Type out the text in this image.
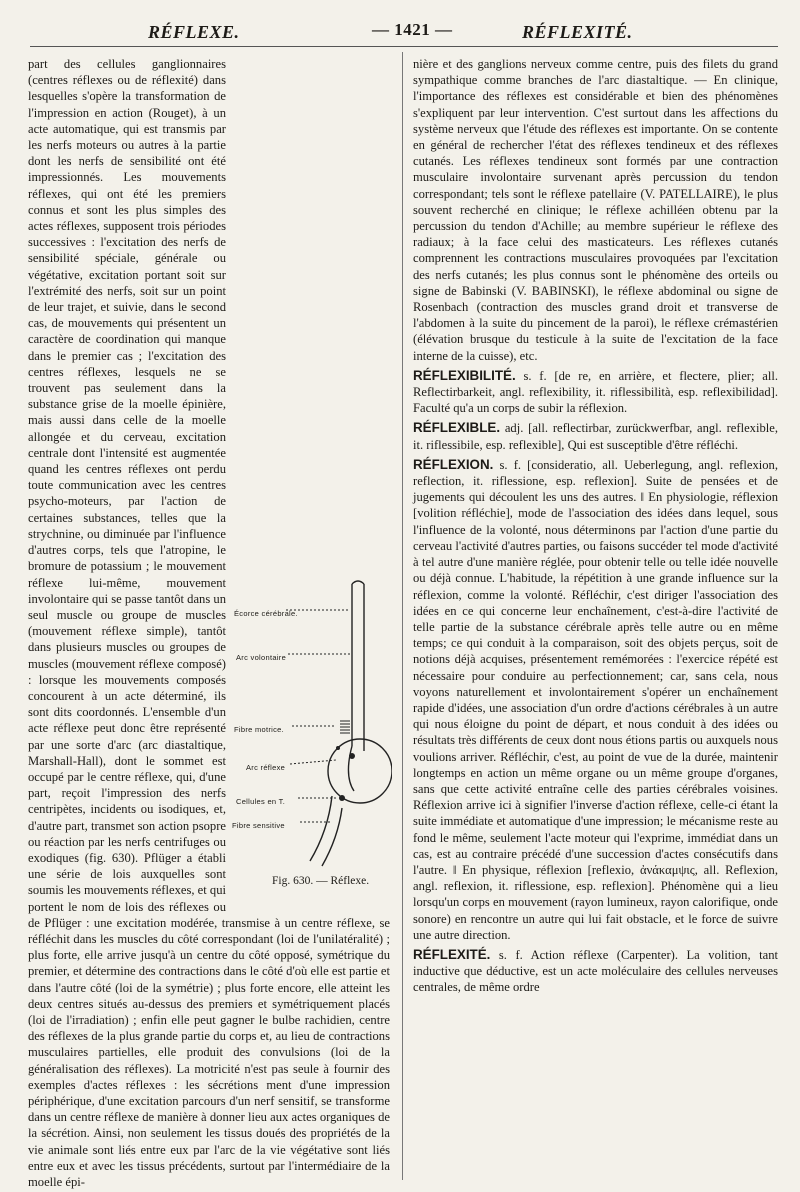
RÉFLEXE.	— 1421 —	RÉFLEXITÉ.
Écorce cérébrale.
Arc volontaire
Fibre motrice.
Arc réflexe
Cellules en T.
Fibre sensitive
Fig. 630. — Réflexe.

part des cellules ganglionnaires (centres réflexes ou de réflexité) dans lesquelles s'opère la transformation de l'impression en action (Rouget), à un acte automatique, qui est transmis par les nerfs moteurs ou autres à la partie dont les nerfs de sensibilité ont été impressionnés. Les mouvements réflexes, qui ont été les premiers connus et sont les plus simples des actes réflexes, supposent trois périodes successives : l'excitation des nerfs de sensibilité spéciale, générale ou végétative, excitation portant soit sur l'extrémité des nerfs, soit sur un point de leur trajet, et suivie, dans le second cas, de mouvements qui présentent un caractère de coordination qui manque dans le premier cas ; l'excitation des centres réflexes, lesquels ne se trouvent pas seulement dans la substance grise de la moelle épinière, mais aussi dans celle de la moelle allongée et du cerveau, excitation centrale dont l'intensité est augmentée quand les centres réflexes ont perdu toute communication avec les centres psycho-moteurs, par l'action de certaines substances, telles que la strychnine, ou diminuée par l'influence d'autres corps, tels que l'atropine, le bromure de potassium ; le mouvement réflexe lui-même, mouvement involontaire qui se passe tantôt dans un seul muscle ou groupe de muscles (mouvement réflexe simple), tantôt dans plusieurs muscles ou groupes de muscles (mouvement réflexe composé) : lorsque les mouvements composés concourent à un acte déterminé, ils sont dits coordonnés. L'ensemble d'un acte réflexe peut donc être représenté par une sorte d'arc (arc diastaltique, Marshall-Hall), dont le sommet est occupé par le centre réflexe, qui, d'une part, reçoit l'impression des nerfs centripètes, incidents ou isodiques, et, d'autre part, transmet son action psopre ou réaction par les nerfs centrifuges ou exodiques (fig. 630). Pflüger a établi une série de lois auxquelles sont soumis les mouvements réflexes, et qui portent le nom de lois des réflexes ou de Pflüger : une excitation modérée, transmise à un centre réflexe, se réfléchit dans les muscles du côté correspondant (loi de l'unilatéralité) ; plus forte, elle arrive jusqu'à un centre du côté opposé, symétrique du premier, et détermine des contractions dans le côté d'où elle est partie et dans l'autre côté (loi de la symétrie) ; plus forte encore, elle atteint les deux centres situés au-dessus des premiers et symétriquement placés (loi de l'irradiation) ; enfin elle peut gagner le bulbe rachidien, centre des réflexes de la plus grande partie du corps et, au lieu de contractions musculaires partielles, elle produit des convulsions (loi de la généralisation des réflexes). La motricité n'est pas seule à fournir des exemples d'actes réflexes : les sécrétions ment d'une impression périphérique, d'une excitation parcours d'un nerf sensitif, se transforme dans un centre réflexe de manière à donner lieu aux actes organiques de la sécrétion. Ainsi, non seulement les tissus doués des propriétés de la vie animale sont liés entre eux par l'arc de la vie végétative sont liés entre eux et avec les tissus précédents, surtout par l'intermédiaire de la moelle épi-

nière et des ganglions nerveux comme centre, puis des filets du grand sympathique comme branches de l'arc diastaltique. — En clinique, l'importance des réflexes est considérable et bien des phénomènes s'expliquent par leur intervention. C'est surtout dans les affections du système nerveux que l'étude des réflexes est importante. On se contente en général de rechercher l'état des réflexes tendineux et des réflexes cutanés. Les réflexes tendineux sont formés par une contraction musculaire involontaire survenant après percussion du tendon correspondant; tels sont le réflexe patellaire (V. PATELLAIRE), le plus souvent recherché en clinique; le réflexe achilléen obtenu par la percussion du tendon d'Achille; au membre supérieur le réflexe des radiaux; à la face celui des masticateurs. Les réflexes cutanés comprennent les contractions musculaires provoquées par l'excitation des nerfs cutanés; les plus connus sont le phénomène des orteils ou signe de Babinski (V. BABINSKI), le réflexe abdominal ou signe de Rosenbach (contraction des muscles grand droit et transverse de l'abdomen à la suite du pincement de la paroi), le réflexe crémastérien (élévation brusque du testicule à la suite de l'excitation de la face interne de la cuisse), etc.

RÉFLEXIBILITÉ. s. f. [de re, en arrière, et flectere, plier; all. Reflectirbarkeit, angl. reflexibility, it. riflessibilità, esp. reflexibilidad]. Faculté qu'a un corps de subir la réflexion.

RÉFLEXIBLE. adj. [all. reflectirbar, zurückwerfbar, angl. reflexible, it. riflessibile, esp. reflexible], Qui est susceptible d'être réfléchi.

RÉFLEXION. s. f. [consideratio, all. Ueberlegung, angl. reflexion, reflection, it. riflessione, esp. reflexion]. Suite de pensées et de jugements qui découlent les uns des autres. ‖ En physiologie, réflexion [volition réfléchie], mode de l'association des idées dans lequel, sous l'influence de la volonté, nous déterminons par l'action d'une partie du cerveau l'activité d'autres parties, ou faisons succéder tel mode d'activité à tel autre d'une manière réglée, pour obtenir telle ou telle idée nouvelle ou déjà connue. L'habitude, la répétition à une grande influence sur la réflexion, comme la volonté. Réfléchir, c'est diriger l'association des idées en ce qui concerne leur enchaînement, c'est-à-dire l'activité de telle partie de la substance cérébrale après telle autre ou en même temps; ce qui conduit à la comparaison, soit des objets perçus, soit de notions déjà acquises, présentement remémorées : l'exercice répété est nécessaire pour conduire au perfectionnement; car, sans cela, nous voyons naturellement et involontairement s'opérer un enchaînement rapide d'idées, une association d'un ordre d'actions cérébrales à un autre qui nous éloigne du point de départ, et nous conduit à des idées ou résultats très différents de ceux dont nous étions partis ou auxquels nous voulions arriver. Réfléchir, c'est, au point de vue de la durée, maintenir longtemps en action un même organe ou un même groupe d'organes, sans que cette activité entraîne celle des parties cérébrales voisines. Réflexion arrive ici à signifier l'inverse d'action réflexe, celle-ci étant la suite immédiate et automatique d'une impression; le mécanisme reste au fond le même, seulement l'acte moteur qui l'exprime, immédiat dans un cas, est au contraire précédé d'une succession d'actes consécutifs dans l'autre. ‖ En physique, réflexion [reflexio, ἀνάκαμψις, all. Reflexion, angl. reflexion, it. riflessione, esp. reflexion]. Phénomène qui a lieu lorsqu'un corps en mouvement (rayon lumineux, rayon calorifique, onde sonore) en rencontre un autre qui lui fait obstacle, et le force de suivre une autre direction.

RÉFLEXITÉ. s. f. Action réflexe (Carpenter). La volition, tant inductive que déductive, est un acte moléculaire des cellules nerveuses centrales, de même ordre
